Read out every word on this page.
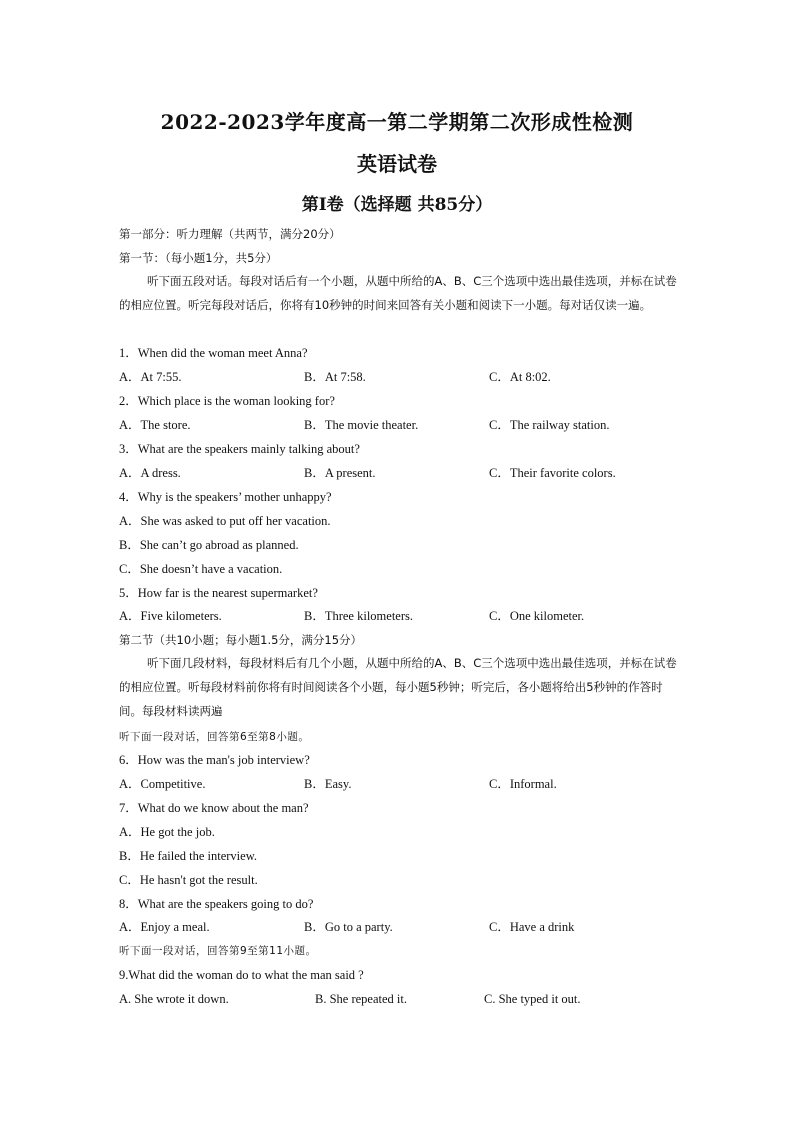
2022-2023学年度高一第二学期第二次形成性检测
英语试卷
第Ⅰ卷（选择题 共85分）
第一部分：听力理解（共两节，满分20分）
第一节：（每小题1分，共5分）
听下面五段对话。每段对话后有一个小题，从题中所给的A、B、C三个选项中选出最佳选项，并标在试卷的相应位置。听完每段对话后，你将有10秒钟的时间来回答有关小题和阅读下一小题。每对话仅读一遍。
1．When did the woman meet Anna?
A．At 7:55.	B．At 7:58.	C．At 8:02.
2．Which place is the woman looking for?
A．The store.	B．The movie theater.	C．The railway station.
3．What are the speakers mainly talking about?
A．A dress.	B．A present.	C．Their favorite colors.
4．Why is the speakers’ mother unhappy?
A．She was asked to put off her vacation.
B．She can’t go abroad as planned.
C．She doesn’t have a vacation.
5．How far is the nearest supermarket?
A．Five kilometers.	B．Three kilometers.	C．One kilometer.
第二节（共10小题；每小题1.5分，满分15分）
听下面几段材料，每段材料后有几个小题，从题中所给的A、B、C三个选项中选出最佳选项，并标在试卷的相应位置。听每段材料前你将有时间阅读各个小题，每小题5秒钟；听完后，各小题将给出5秒钟的作答时间。每段材料读两遍
听下面一段对话，回答第6至第8小题。
6．How was the man's job interview?
A．Competitive.	B．Easy.	C．Informal.
7．What do we know about the man?
A．He got the job.
B．He failed the interview.
C．He hasn't got the result.
8．What are the speakers going to do?
A．Enjoy a meal.	B．Go to a party.	C．Have a drink
听下面一段对话，回答第9至第11小题。
9.What did the woman do to what the man said ?
A. She wrote it down.	B. She repeated it.	C. She typed it out.
